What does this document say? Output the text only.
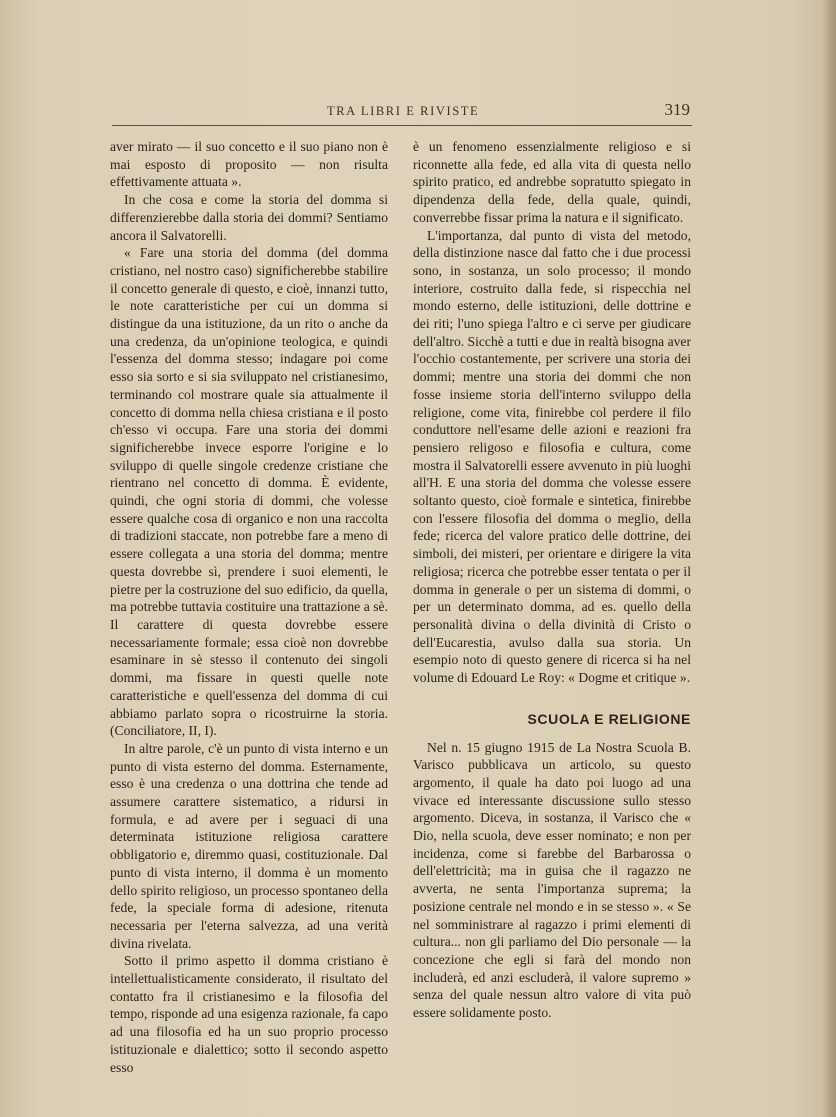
TRA LIBRI E RIVISTE	319

aver mirato — il suo concetto e il suo piano non è mai esposto di proposito — non risulta effettivamente attuata ».

In che cosa e come la storia del domma si differenzierebbe dalla storia dei dommi? Sentiamo ancora il Salvatorelli.

« Fare una storia del domma (del domma cristiano, nel nostro caso) significherebbe stabilire il concetto generale di questo, e cioè, innanzi tutto, le note caratteristiche per cui un domma si distingue da una istituzione, da un rito o anche da una credenza, da un'opinione teologica, e quindi l'essenza del domma stesso; indagare poi come esso sia sorto e si sia sviluppato nel cristianesimo, terminando col mostrare quale sia attualmente il concetto di domma nella chiesa cristiana e il posto ch'esso vi occupa. Fare una storia dei dommi significherebbe invece esporre l'origine e lo sviluppo di quelle singole credenze cristiane che rientrano nel concetto di domma. È evidente, quindi, che ogni storia di dommi, che volesse essere qualche cosa di organico e non una raccolta di tradizioni staccate, non potrebbe fare a meno di essere collegata a una storia del domma; mentre questa dovrebbe sì, prendere i suoi elementi, le pietre per la costruzione del suo edificio, da quella, ma potrebbe tuttavia costituire una trattazione a sè. Il carattere di questa dovrebbe essere necessariamente formale; essa cioè non dovrebbe esaminare in sè stesso il contenuto dei singoli dommi, ma fissare in questi quelle note caratteristiche e quell'essenza del domma di cui abbiamo parlato sopra o ricostruirne la storia. (Conciliatore, II, I).

In altre parole, c'è un punto di vista interno e un punto di vista esterno del domma. Esternamente, esso è una credenza o una dottrina che tende ad assumere carattere sistematico, a ridursi in formula, e ad avere per i seguaci di una determinata istituzione religiosa carattere obbligatorio e, diremmo quasi, costituzionale. Dal punto di vista interno, il domma è un momento dello spirito religioso, un processo spontaneo della fede, la speciale forma di adesione, ritenuta necessaria per l'eterna salvezza, ad una verità divina rivelata.

Sotto il primo aspetto il domma cristiano è intellettualisticamente considerato, il risultato del contatto fra il cristianesimo e la filosofia del tempo, risponde ad una esigenza razionale, fa capo ad una filosofia ed ha un suo proprio processo istituzionale e dialettico; sotto il secondo aspetto esso

è un fenomeno essenzialmente religioso e si riconnette alla fede, ed alla vita di questa nello spirito pratico, ed andrebbe sopratutto spiegato in dipendenza della fede, della quale, quindi, converrebbe fissar prima la natura e il significato.

L'importanza, dal punto di vista del metodo, della distinzione nasce dal fatto che i due processi sono, in sostanza, un solo processo; il mondo interiore, costruito dalla fede, si rispecchia nel mondo esterno, delle istituzioni, delle dottrine e dei riti; l'uno spiega l'altro e ci serve per giudicare dell'altro. Sicchè a tutti e due in realtà bisogna aver l'occhio costantemente, per scrivere una storia dei dommi; mentre una storia dei dommi che non fosse insieme storia dell'interno sviluppo della religione, come vita, finirebbe col perdere il filo conduttore nell'esame delle azioni e reazioni fra pensiero religoso e filosofia e cultura, come mostra il Salvatorelli essere avvenuto in più luoghi all'H. E una storia del domma che volesse essere soltanto questo, cioè formale e sintetica, finirebbe con l'essere filosofia del domma o meglio, della fede; ricerca del valore pratico delle dottrine, dei simboli, dei misteri, per orientare e dirigere la vita religiosa; ricerca che potrebbe esser tentata o per il domma in generale o per un sistema di dommi, o per un determinato domma, ad es. quello della personalità divina o della divinità di Cristo o dell'Eucarestia, avulso dalla sua storia. Un esempio noto di questo genere di ricerca si ha nel volume di Edouard Le Roy: « Dogme et critique ».

SCUOLA E RELIGIONE

Nel n. 15 giugno 1915 de La Nostra Scuola B. Varisco pubblicava un articolo, su questo argomento, il quale ha dato poi luogo ad una vivace ed interessante discussione sullo stesso argomento. Diceva, in sostanza, il Varisco che « Dio, nella scuola, deve esser nominato; e non per incidenza, come si farebbe del Barbarossa o dell'elettricità; ma in guisa che il ragazzo ne avverta, ne senta l'importanza suprema; la posizione centrale nel mondo e in se stesso ». « Se nel somministrare al ragazzo i primi elementi di cultura... non gli parliamo del Dio personale — la concezione che egli si farà del mondo non includerà, ed anzi escluderà, il valore supremo » senza del quale nessun altro valore di vita può essere solidamente posto.
